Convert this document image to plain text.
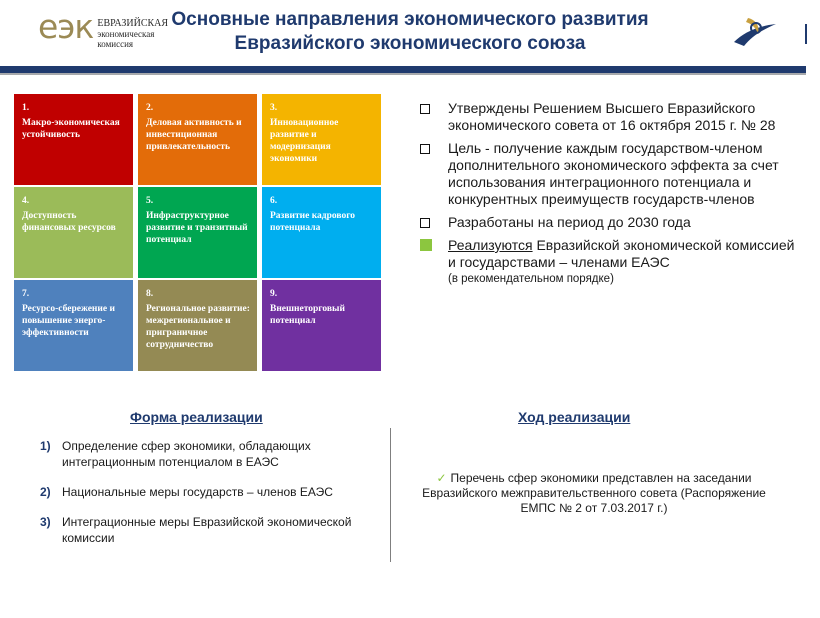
еэк ЕВРАЗИЙСКАЯ
экономическая
комиссия
Основные направления экономического развития
Евразийского экономического союза
1.
Макро-экономическая устойчивость
2.
Деловая активность и инвестиционная привлекательность
3.
Инновационное развитие и модернизация экономики
4.
Доступность финансовых ресурсов
5.
Инфраструктурное развитие и транзитный потенциал
6.
Развитие кадрового потенциала
7.
Ресурсо-сбережение и повышение энерго-эффективности
8.
Региональное развитие: межрегиональное и приграничное сотрудничество
9.
Внешнеторговый потенциал
Утверждены Решением Высшего Евразийского экономического совета от 16 октября 2015 г. № 28
Цель - получение каждым государством-членом дополнительного экономического эффекта за счет использования интеграционного потенциала и конкурентных преимуществ государств-членов
Разработаны на период до 2030 года
Реализуются Евразийской экономической комиссией и государствами – членами ЕАЭС
(в рекомендательном порядке)
Форма реализации
1) Определение сфер экономики, обладающих интеграционным потенциалом в ЕАЭС
2) Национальные меры государств – членов ЕАЭС
3) Интеграционные меры Евразийской экономической комиссии
Ход реализации
✓ Перечень сфер экономики представлен на заседании Евразийского межправительственного совета (Распоряжение ЕМПС № 2 от 7.03.2017 г.)
